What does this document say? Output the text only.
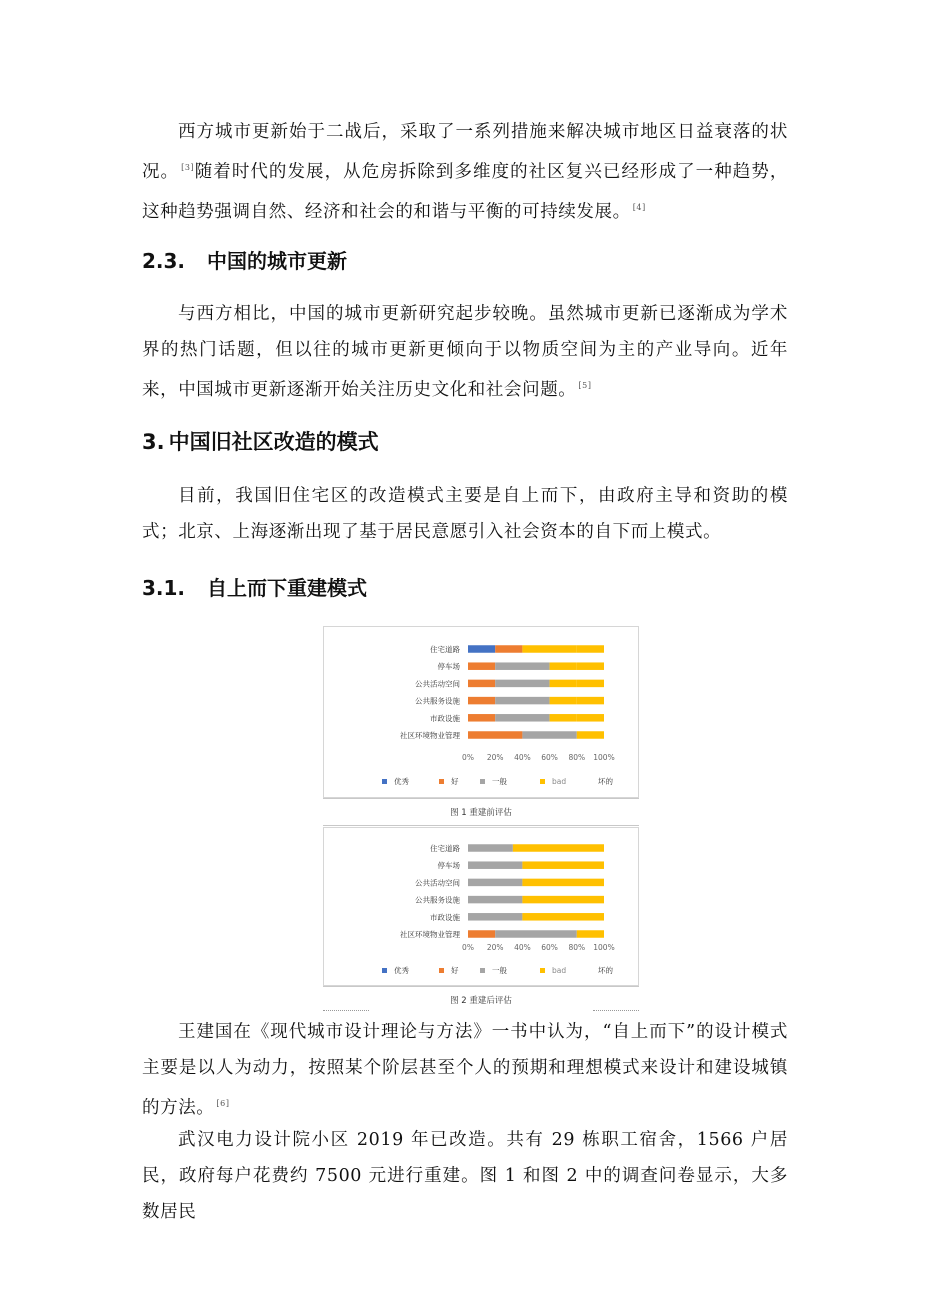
西方城市更新始于二战后，采取了一系列措施来解决城市地区日益衰落的状况。 [3]随着时代的发展，从危房拆除到多维度的社区复兴已经形成了一种趋势，这种趋势强调自然、经济和社会的和谐与平衡的可持续发展。 [4]

2.3. 中国的城市更新

与西方相比，中国的城市更新研究起步较晚。虽然城市更新已逐渐成为学术界的热门话题，但以往的城市更新更倾向于以物质空间为主的产业导向。近年来，中国城市更新逐渐开始关注历史文化和社会问题。 [5]

3. 中国旧社区改造的模式

目前，我国旧住宅区的改造模式主要是自上而下，由政府主导和资助的模式；北京、上海逐渐出现了基于居民意愿引入社会资本的自下而上模式。

3.1. 自上而下重建模式
住宅道路
停车场
公共活动空间
公共服务设施
市政设施
社区环境物业管理
0% 20% 40% 60% 80% 100%
优秀	好	一般	bad	坏的
图 1 重建前评估
住宅道路
停车场
公共活动空间
公共服务设施
市政设施
社区环境物业管理
0% 20% 40% 60% 80% 100%
优秀	好	一般	bad	坏的
图 2 重建后评估

王建国在《现代城市设计理论与方法》一书中认为，“自上而下”的设计模式主要是以人为动力，按照某个阶层甚至个人的预期和理想模式来设计和建设城镇的方法。 [6]

武汉电力设计院小区 2019 年已改造。共有 29 栋职工宿舍，1566 户居民，政府每户花费约 7500 元进行重建。图 1 和图 2 中的调查问卷显示，大多数居民
